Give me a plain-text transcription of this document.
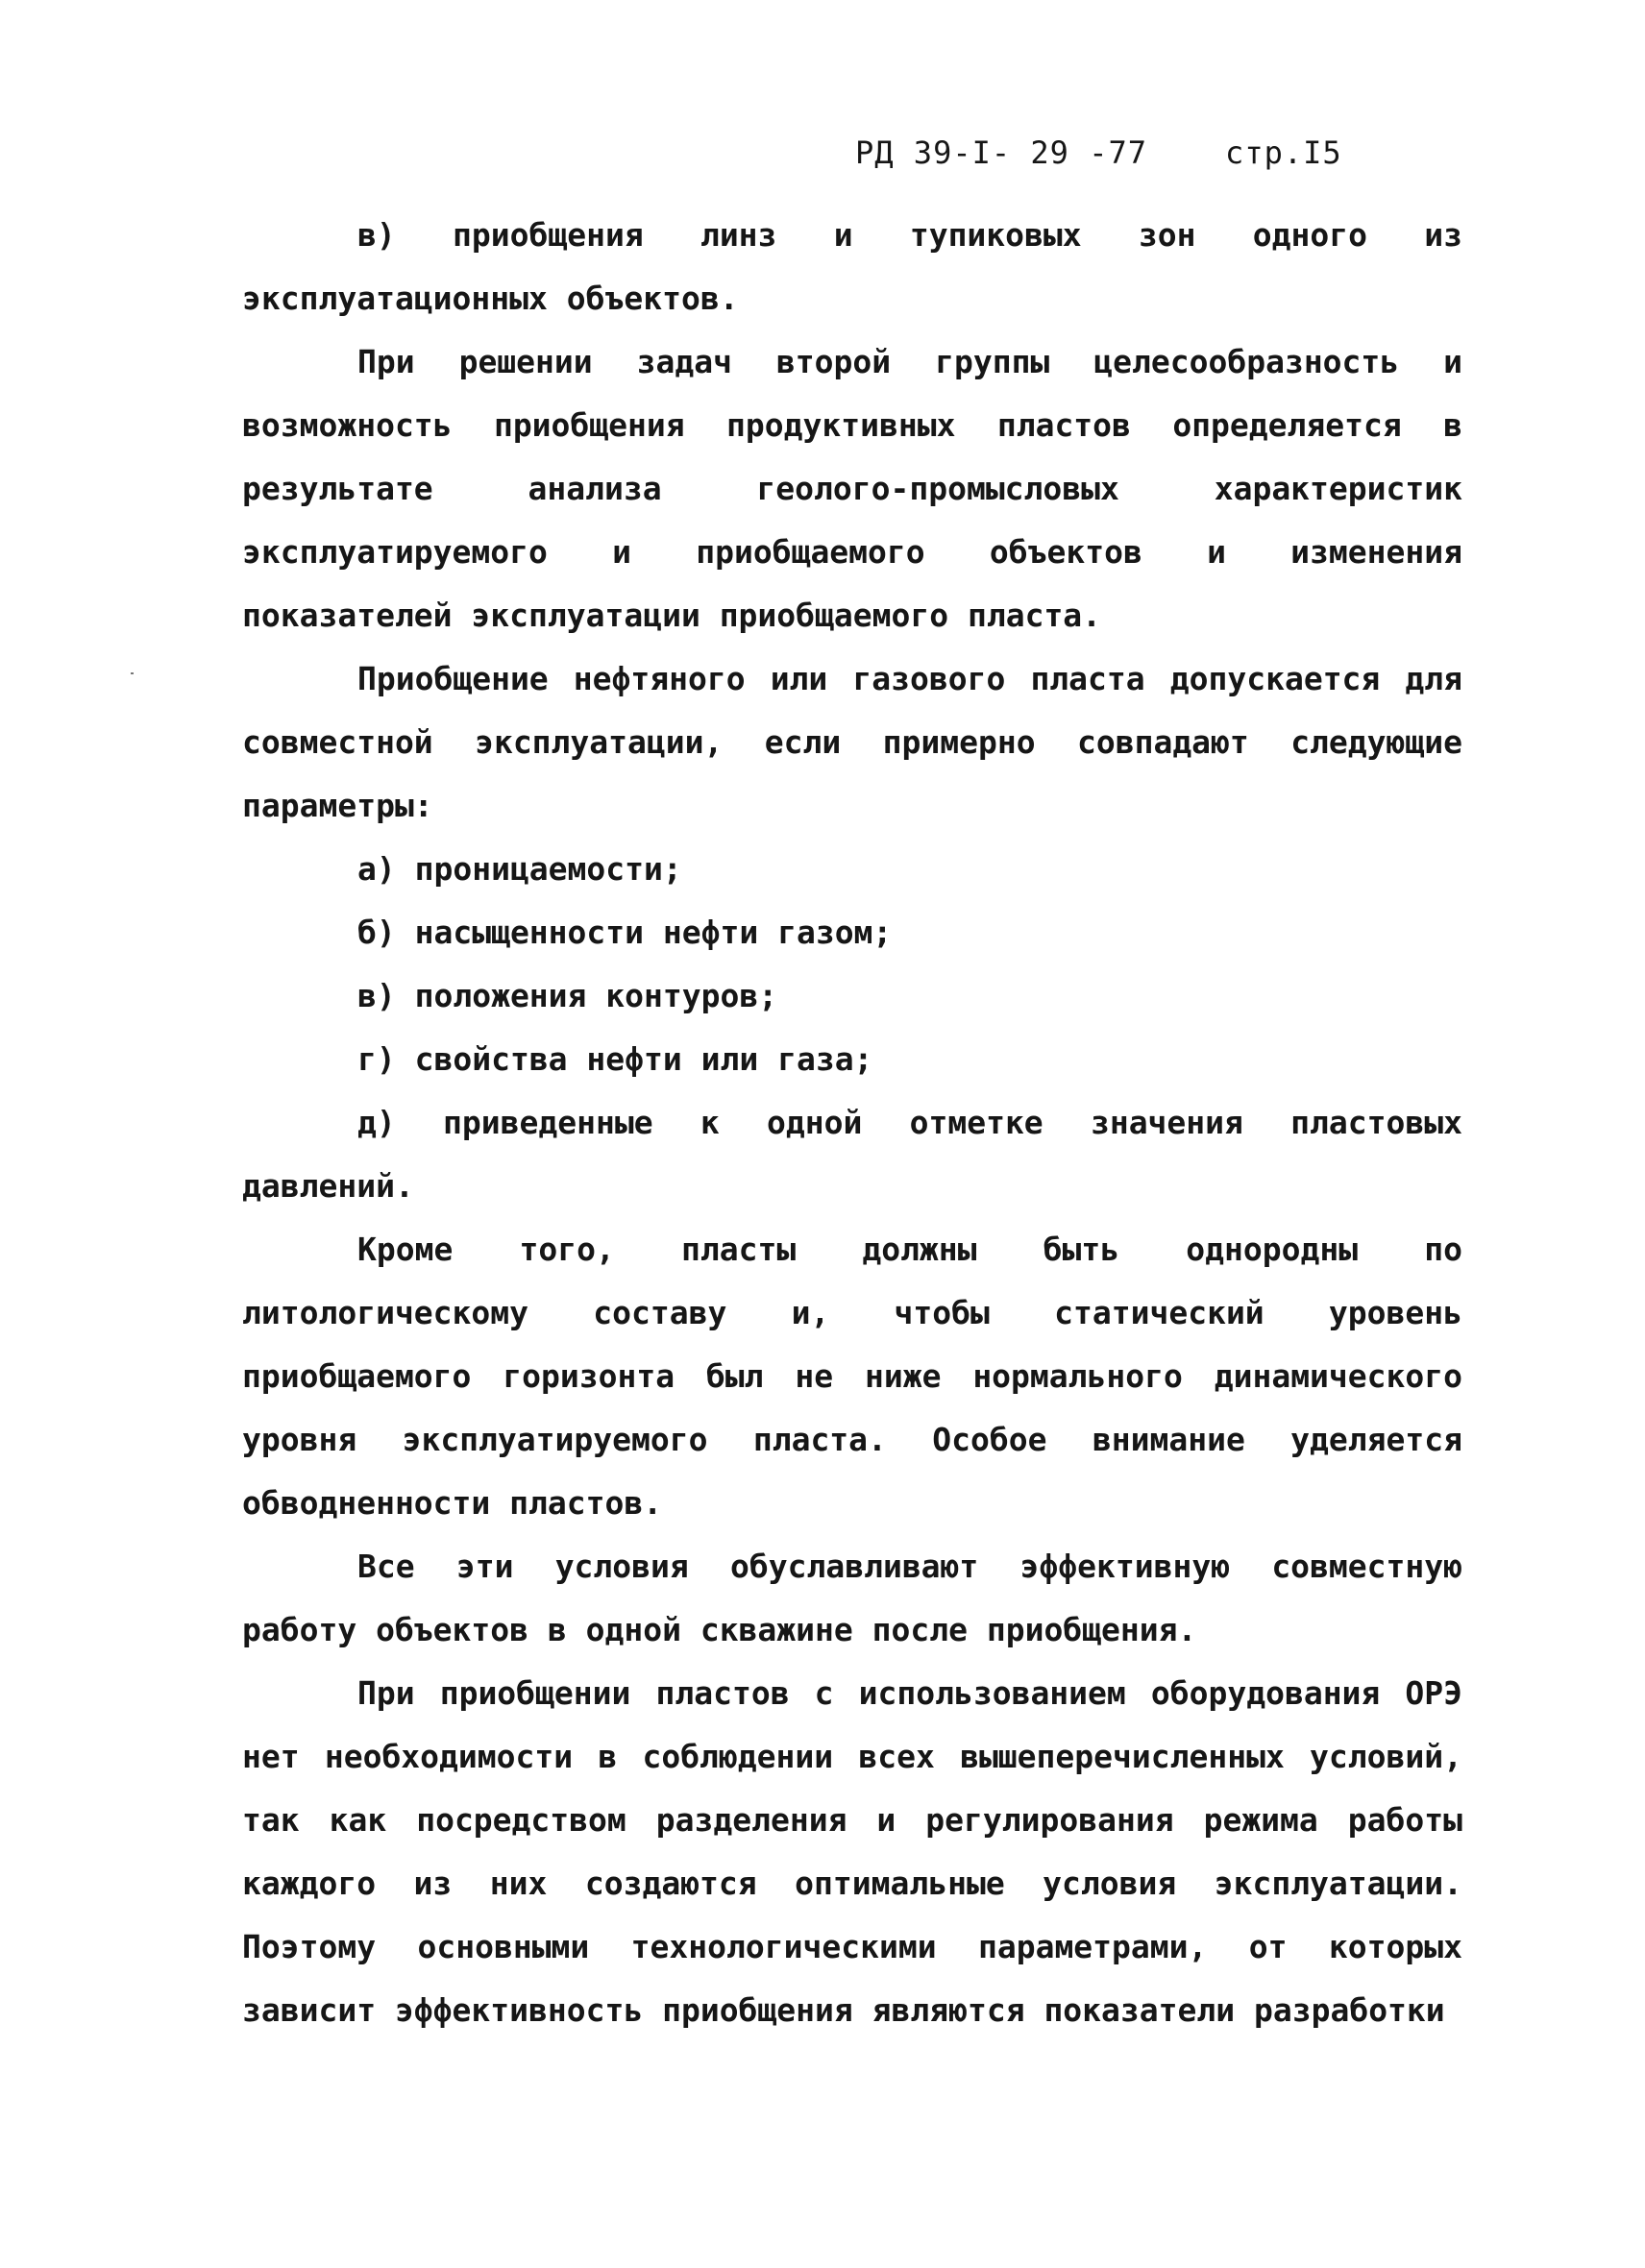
РД 39-I- 29 -77	стр.I5

в) приобщения линз и тупиковых зон одного из эксплуатационных объектов.

При решении задач второй группы целесообразность и возможность приобщения продуктивных пластов определяется в результате анализа геолого-промысловых характеристик эксплуатируемого и приобщаемого объектов и изменения показателей эксплуатации приобщаемого пласта.

Приобщение нефтяного или газового пласта допускается для совместной эксплуатации, если примерно совпадают следующие параметры:

а) проницаемости;
б) насыщенности нефти газом;
в) положения контуров;
г) свойства нефти или газа;
д) приведенные к одной отметке значения пластовых давлений.

Кроме того, пласты должны быть однородны по литологическому составу и, чтобы статический уровень приобщаемого горизонта был не ниже нормального динамического уровня эксплуатируемого пласта. Особое внимание уделяется обводненности пластов.

Все эти условия обуславливают эффективную совместную работу объектов в одной скважине после приобщения.

При приобщении пластов с использованием оборудования ОРЭ нет необходимости в соблюдении всех вышеперечисленных условий, так как посредством разделения и регулирования режима работы каждого из них создаются оптимальные условия эксплуатации. Поэтому основными технологическими параметрами, от которых зависит эффективность приобщения являются показатели разработки
